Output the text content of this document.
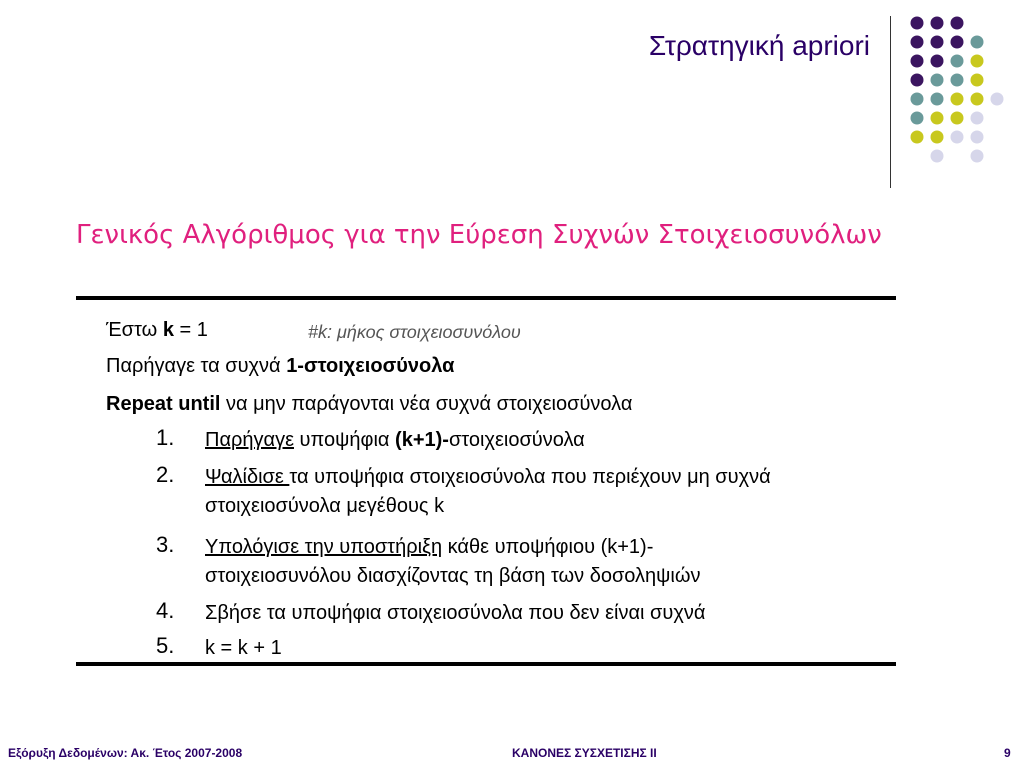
Στρατηγική apriori
Γενικός Αλγόριθμος για την Εύρεση Συχνών Στοιχειοσυνόλων
Έστω k = 1	#k: μήκος στοιχειοσυνόλου
Παρήγαγε τα συχνά 1-στοιχειοσύνολα
Repeat until να μην παράγονται νέα συχνά στοιχειοσύνολα
1. Παρήγαγε υποψήφια (k+1)-στοιχειοσύνολα
2. Ψαλίδισε τα υποψήφια στοιχειοσύνολα που περιέχουν μη συχνά
στοιχειοσύνολα μεγέθους k
3. Υπολόγισε την υποστήριξη κάθε υποψήφιου (k+1)-
στοιχειοσυνόλου διασχίζοντας τη βάση των δοσοληψιών
4. Σβήσε τα υποψήφια στοιχειοσύνολα που δεν είναι συχνά
5. k = k + 1
Εξόρυξη Δεδομένων: Ακ. Έτος 2007-2008	ΚΑΝΟΝΕΣ ΣΥΣΧΕΤΙΣΗΣ II	9
